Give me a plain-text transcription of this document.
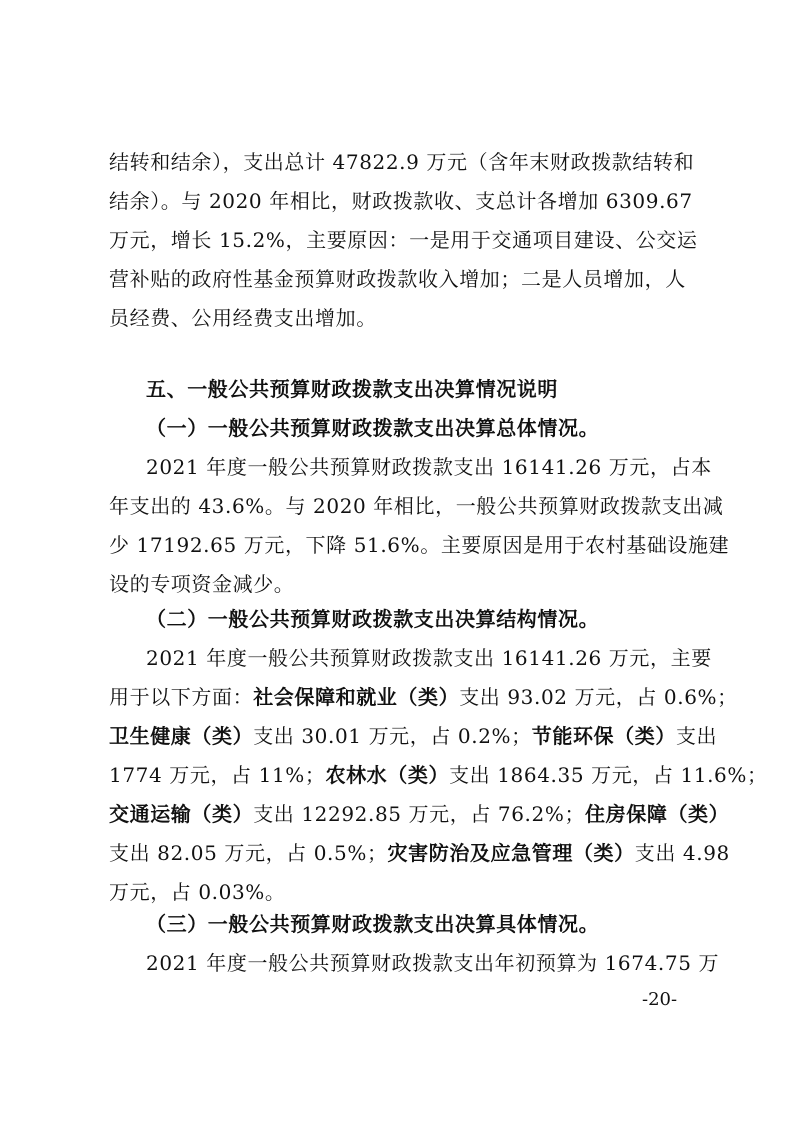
结转和结余），支出总计 47822.9 万元（含年末财政拨款结转和
结余）。与 2020 年相比，财政拨款收、支总计各增加 6309.67
万元，增长 15.2%，主要原因：一是用于交通项目建设、公交运
营补贴的政府性基金预算财政拨款收入增加；二是人员增加，人
员经费、公用经费支出增加。
五、一般公共预算财政拨款支出决算情况说明
（一）一般公共预算财政拨款支出决算总体情况。
2021 年度一般公共预算财政拨款支出 16141.26 万元，占本
年支出的 43.6%。与 2020 年相比，一般公共预算财政拨款支出减
少 17192.65 万元，下降 51.6%。主要原因是用于农村基础设施建
设的专项资金减少。
（二）一般公共预算财政拨款支出决算结构情况。
2021 年度一般公共预算财政拨款支出 16141.26 万元，主要
用于以下方面：社会保障和就业（类）支出 93.02 万元，占 0.6%；
卫生健康（类）支出 30.01 万元，占 0.2%；节能环保（类）支出
1774 万元，占 11%；农林水（类）支出 1864.35 万元，占 11.6%；
交通运输（类）支出 12292.85 万元，占 76.2%；住房保障（类）
支出 82.05 万元，占 0.5%；灾害防治及应急管理（类）支出 4.98
万元，占 0.03%。
（三）一般公共预算财政拨款支出决算具体情况。
2021 年度一般公共预算财政拨款支出年初预算为 1674.75 万
-20-
